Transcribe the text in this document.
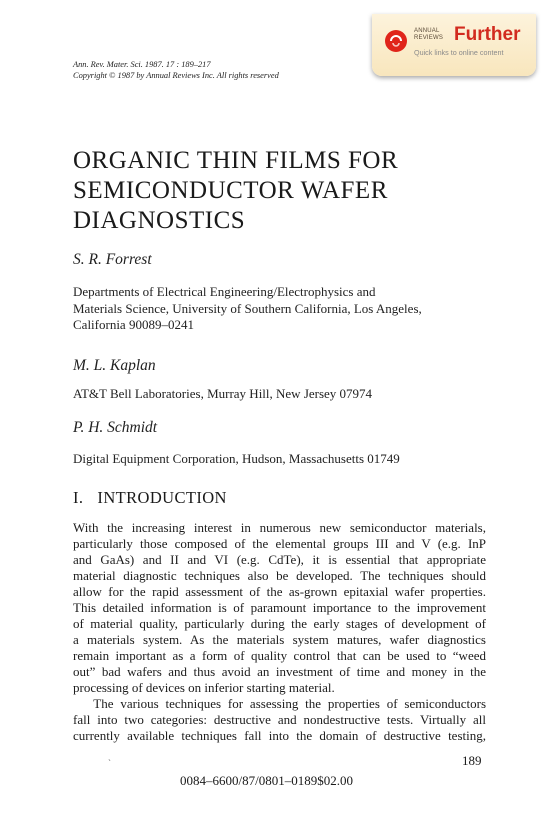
Ann. Rev. Mater. Sci. 1987. 17 : 189–217
Copyright © 1987 by Annual Reviews Inc. All rights reserved
ANNUAL
REVIEWS Further
Quick links to online content
ORGANIC THIN FILMS FOR
SEMICONDUCTOR WAFER
DIAGNOSTICS
S. R. Forrest
Departments of Electrical Engineering/Electrophysics and
Materials Science, University of Southern California, Los Angeles,
California 90089–0241
M. L. Kaplan
AT&T Bell Laboratories, Murray Hill, New Jersey 07974
P. H. Schmidt
Digital Equipment Corporation, Hudson, Massachusetts 01749
I. INTRODUCTION
With the increasing interest in numerous new semiconductor materials,
particularly those composed of the elemental groups III and V (e.g. InP
and GaAs) and II and VI (e.g. CdTe), it is essential that appropriate
material diagnostic techniques also be developed. The techniques should
allow for the rapid assessment of the as-grown epitaxial wafer properties.
This detailed information is of paramount importance to the improvement
of material quality, particularly during the early stages of development of
a materials system. As the materials system matures, wafer diagnostics
remain important as a form of quality control that can be used to “weed
out” bad wafers and thus avoid an investment of time and money in the
processing of devices on inferior starting material.
The various techniques for assessing the properties of semiconductors
fall into two categories: destructive and nondestructive tests. Virtually all
currently available techniques fall into the domain of destructive testing,
`	189
0084–6600/87/0801–0189$02.00
